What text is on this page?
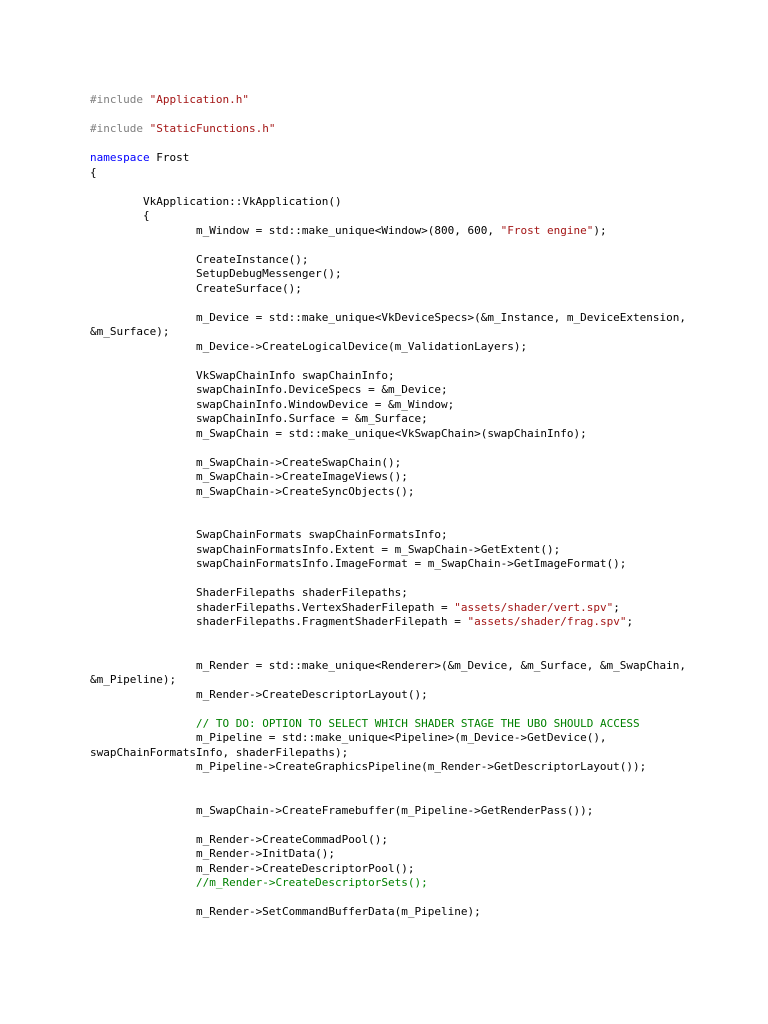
#include "Application.h"
#include "StaticFunctions.h"
namespace Frost
{
VkApplication::VkApplication()
{
m_Window = std::make_unique<Window>(800, 600, "Frost engine");
CreateInstance();
SetupDebugMessenger();
CreateSurface();
m_Device = std::make_unique<VkDeviceSpecs>(&m_Instance, m_DeviceExtension,
&m_Surface);
m_Device->CreateLogicalDevice(m_ValidationLayers);
VkSwapChainInfo swapChainInfo;
swapChainInfo.DeviceSpecs = &m_Device;
swapChainInfo.WindowDevice = &m_Window;
swapChainInfo.Surface = &m_Surface;
m_SwapChain = std::make_unique<VkSwapChain>(swapChainInfo);
m_SwapChain->CreateSwapChain();
m_SwapChain->CreateImageViews();
m_SwapChain->CreateSyncObjects();
SwapChainFormats swapChainFormatsInfo;
swapChainFormatsInfo.Extent = m_SwapChain->GetExtent();
swapChainFormatsInfo.ImageFormat = m_SwapChain->GetImageFormat();
ShaderFilepaths shaderFilepaths;
shaderFilepaths.VertexShaderFilepath = "assets/shader/vert.spv";
shaderFilepaths.FragmentShaderFilepath = "assets/shader/frag.spv";
m_Render = std::make_unique<Renderer>(&m_Device, &m_Surface, &m_SwapChain,
&m_Pipeline);
m_Render->CreateDescriptorLayout();
// TO DO: OPTION TO SELECT WHICH SHADER STAGE THE UBO SHOULD ACCESS
m_Pipeline = std::make_unique<Pipeline>(m_Device->GetDevice(),
swapChainFormatsInfo, shaderFilepaths);
m_Pipeline->CreateGraphicsPipeline(m_Render->GetDescriptorLayout());
m_SwapChain->CreateFramebuffer(m_Pipeline->GetRenderPass());
m_Render->CreateCommadPool();
m_Render->InitData();
m_Render->CreateDescriptorPool();
//m_Render->CreateDescriptorSets();
m_Render->SetCommandBufferData(m_Pipeline);
